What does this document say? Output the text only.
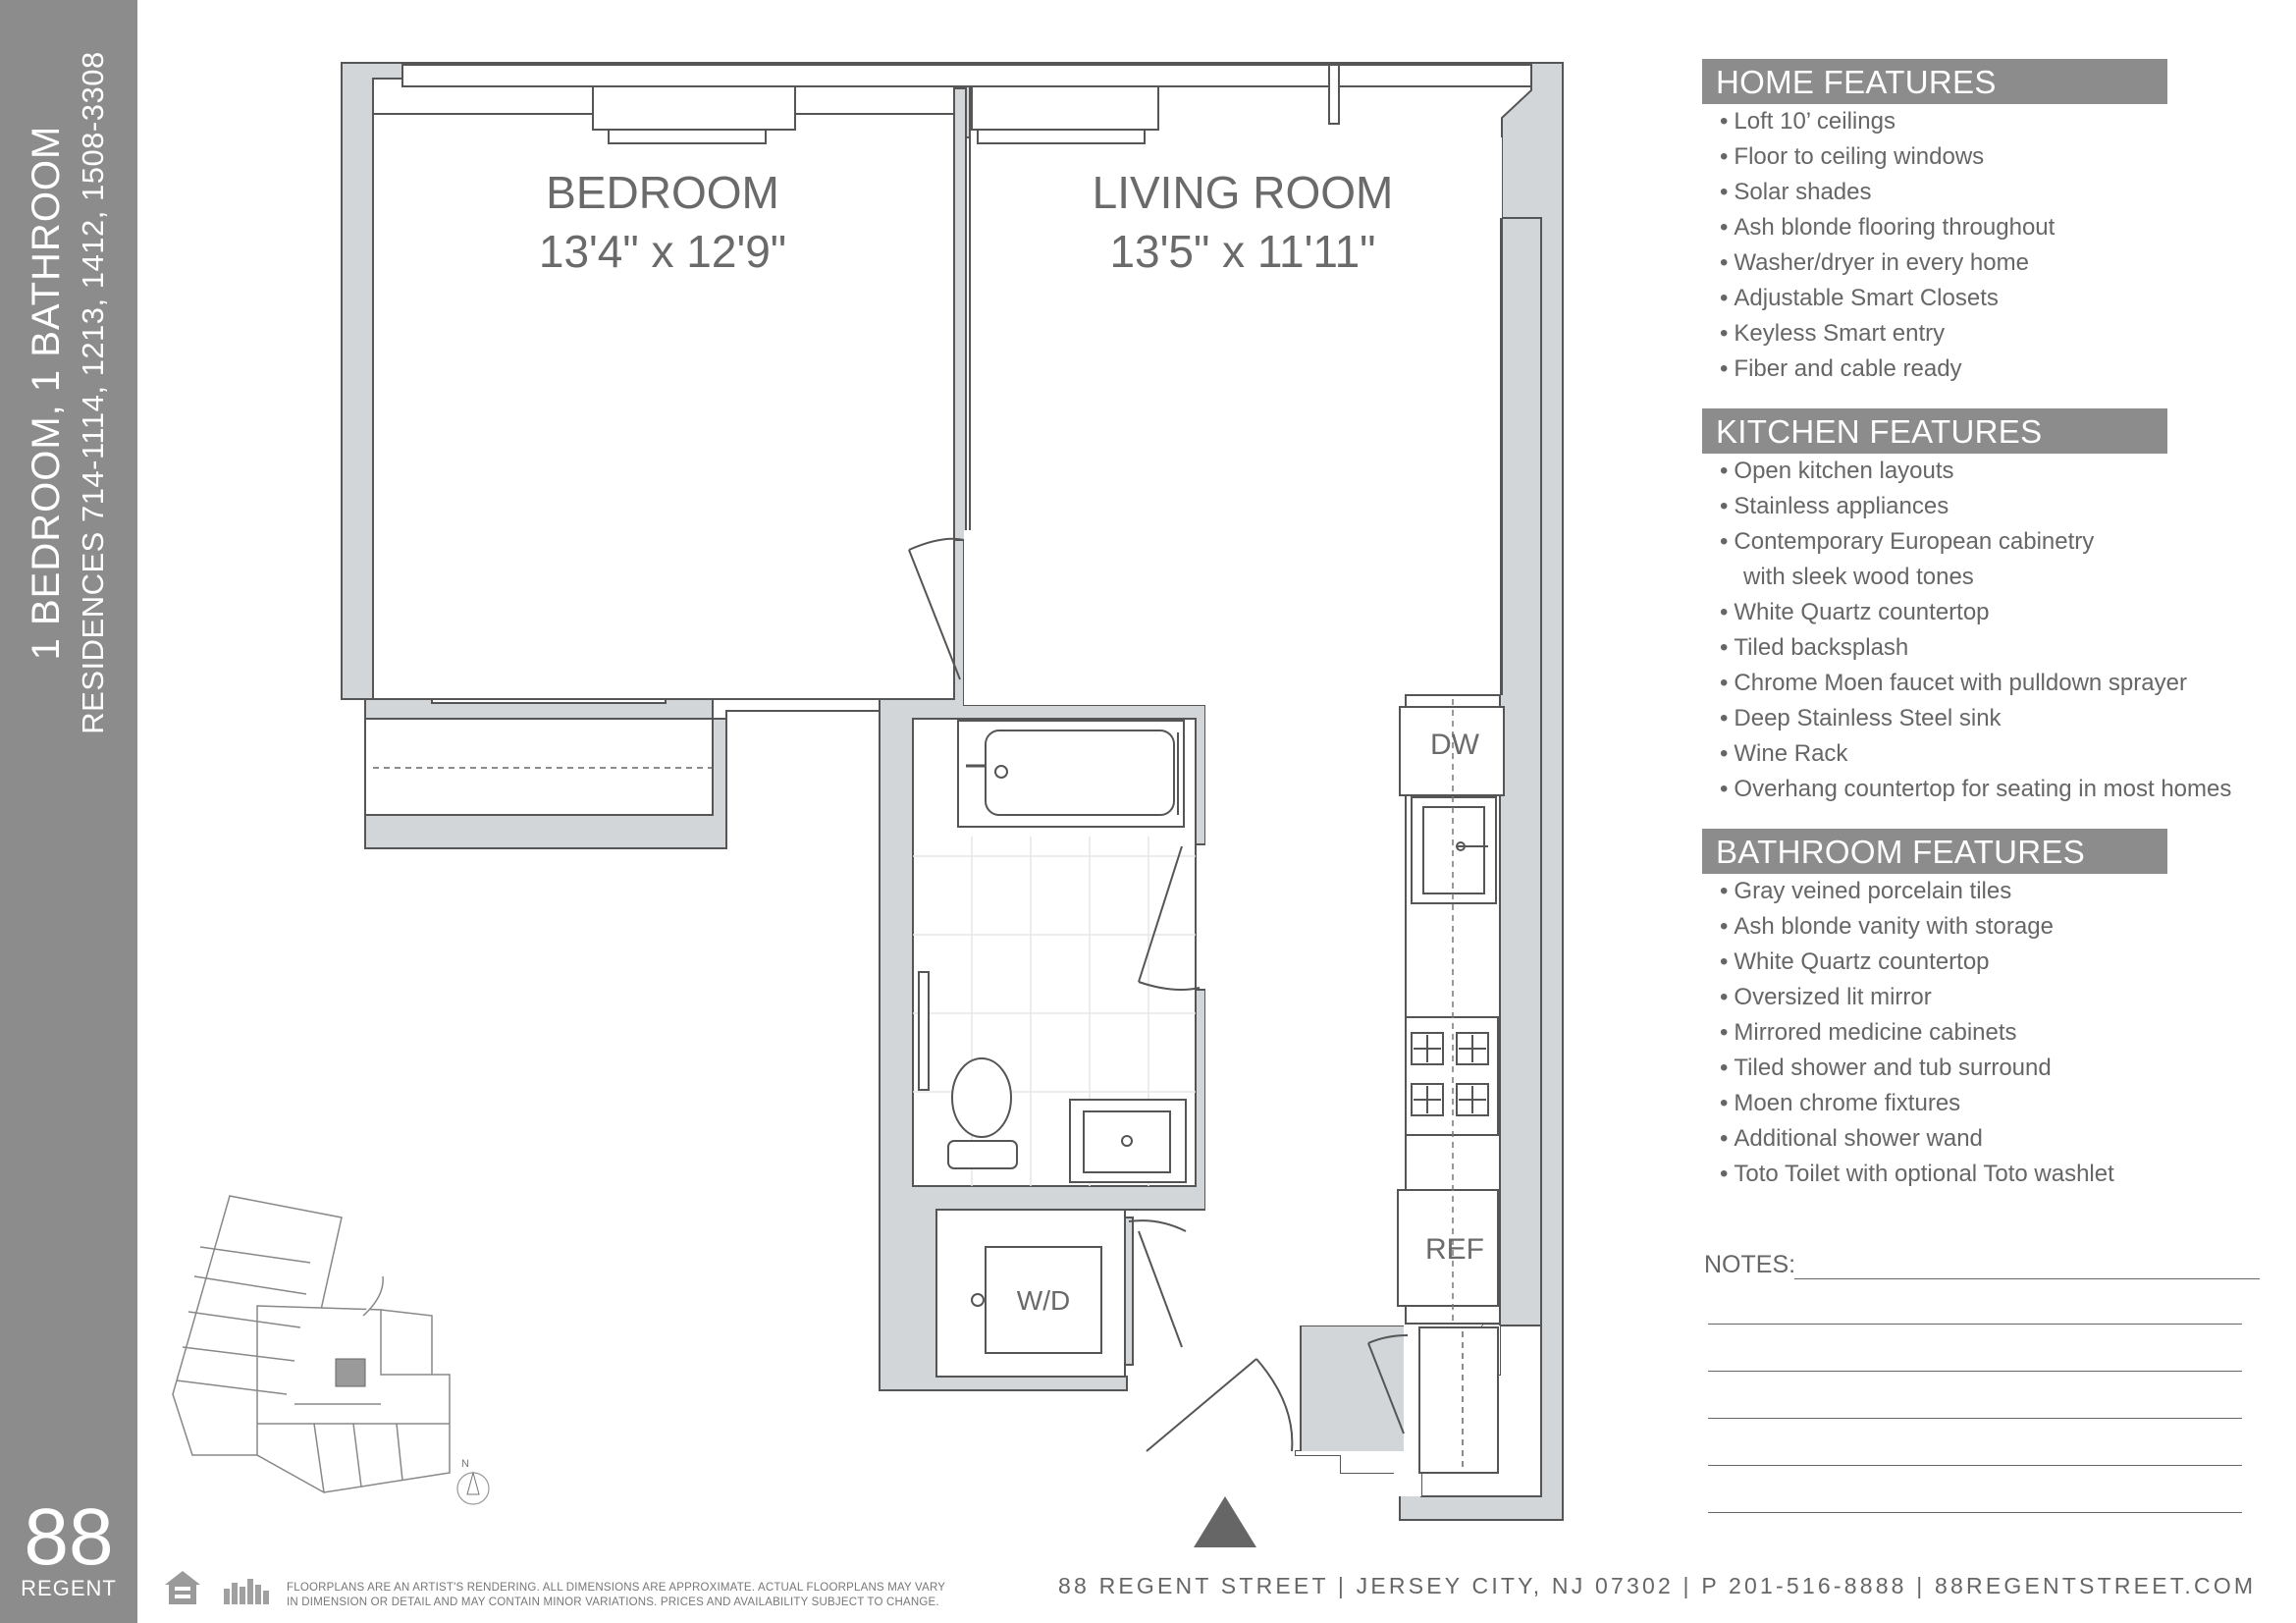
1 BEDROOM, 1 BATHROOM RESIDENCES 714-1114, 1213, 1412, 1508-3308
88
REGENT
W/D
DW
REF
BEDROOM
13'4" x 12'9"
LIVING ROOM
13'5" x 11'11"
N
HOME FEATURES
• Loft 10’ ceilings
• Floor to ceiling windows
• Solar shades
• Ash blonde flooring throughout
• Washer/dryer in every home
• Adjustable Smart Closets
• Keyless Smart entry
• Fiber and cable ready
KITCHEN FEATURES
• Open kitchen layouts
• Stainless appliances
• Contemporary European cabinetry
with sleek wood tones
• White Quartz countertop
• Tiled backsplash
• Chrome Moen faucet with pulldown sprayer
• Deep Stainless Steel sink
• Wine Rack
• Overhang countertop for seating in most homes
BATHROOM FEATURES
• Gray veined porcelain tiles
• Ash blonde vanity with storage
• White Quartz countertop
• Oversized lit mirror
• Mirrored medicine cabinets
• Tiled shower and tub surround
• Moen chrome fixtures
• Additional shower wand
• Toto Toilet with optional Toto washlet
NOTES:
FLOORPLANS ARE AN ARTIST'S RENDERING. ALL DIMENSIONS ARE APPROXIMATE. ACTUAL FLOORPLANS MAY VARY
IN DIMENSION OR DETAIL AND MAY CONTAIN MINOR VARIATIONS. PRICES AND AVAILABILITY SUBJECT TO CHANGE.
88 REGENT STREET | JERSEY CITY, NJ 07302 | P 201-516-8888 | 88REGENTSTREET.COM
